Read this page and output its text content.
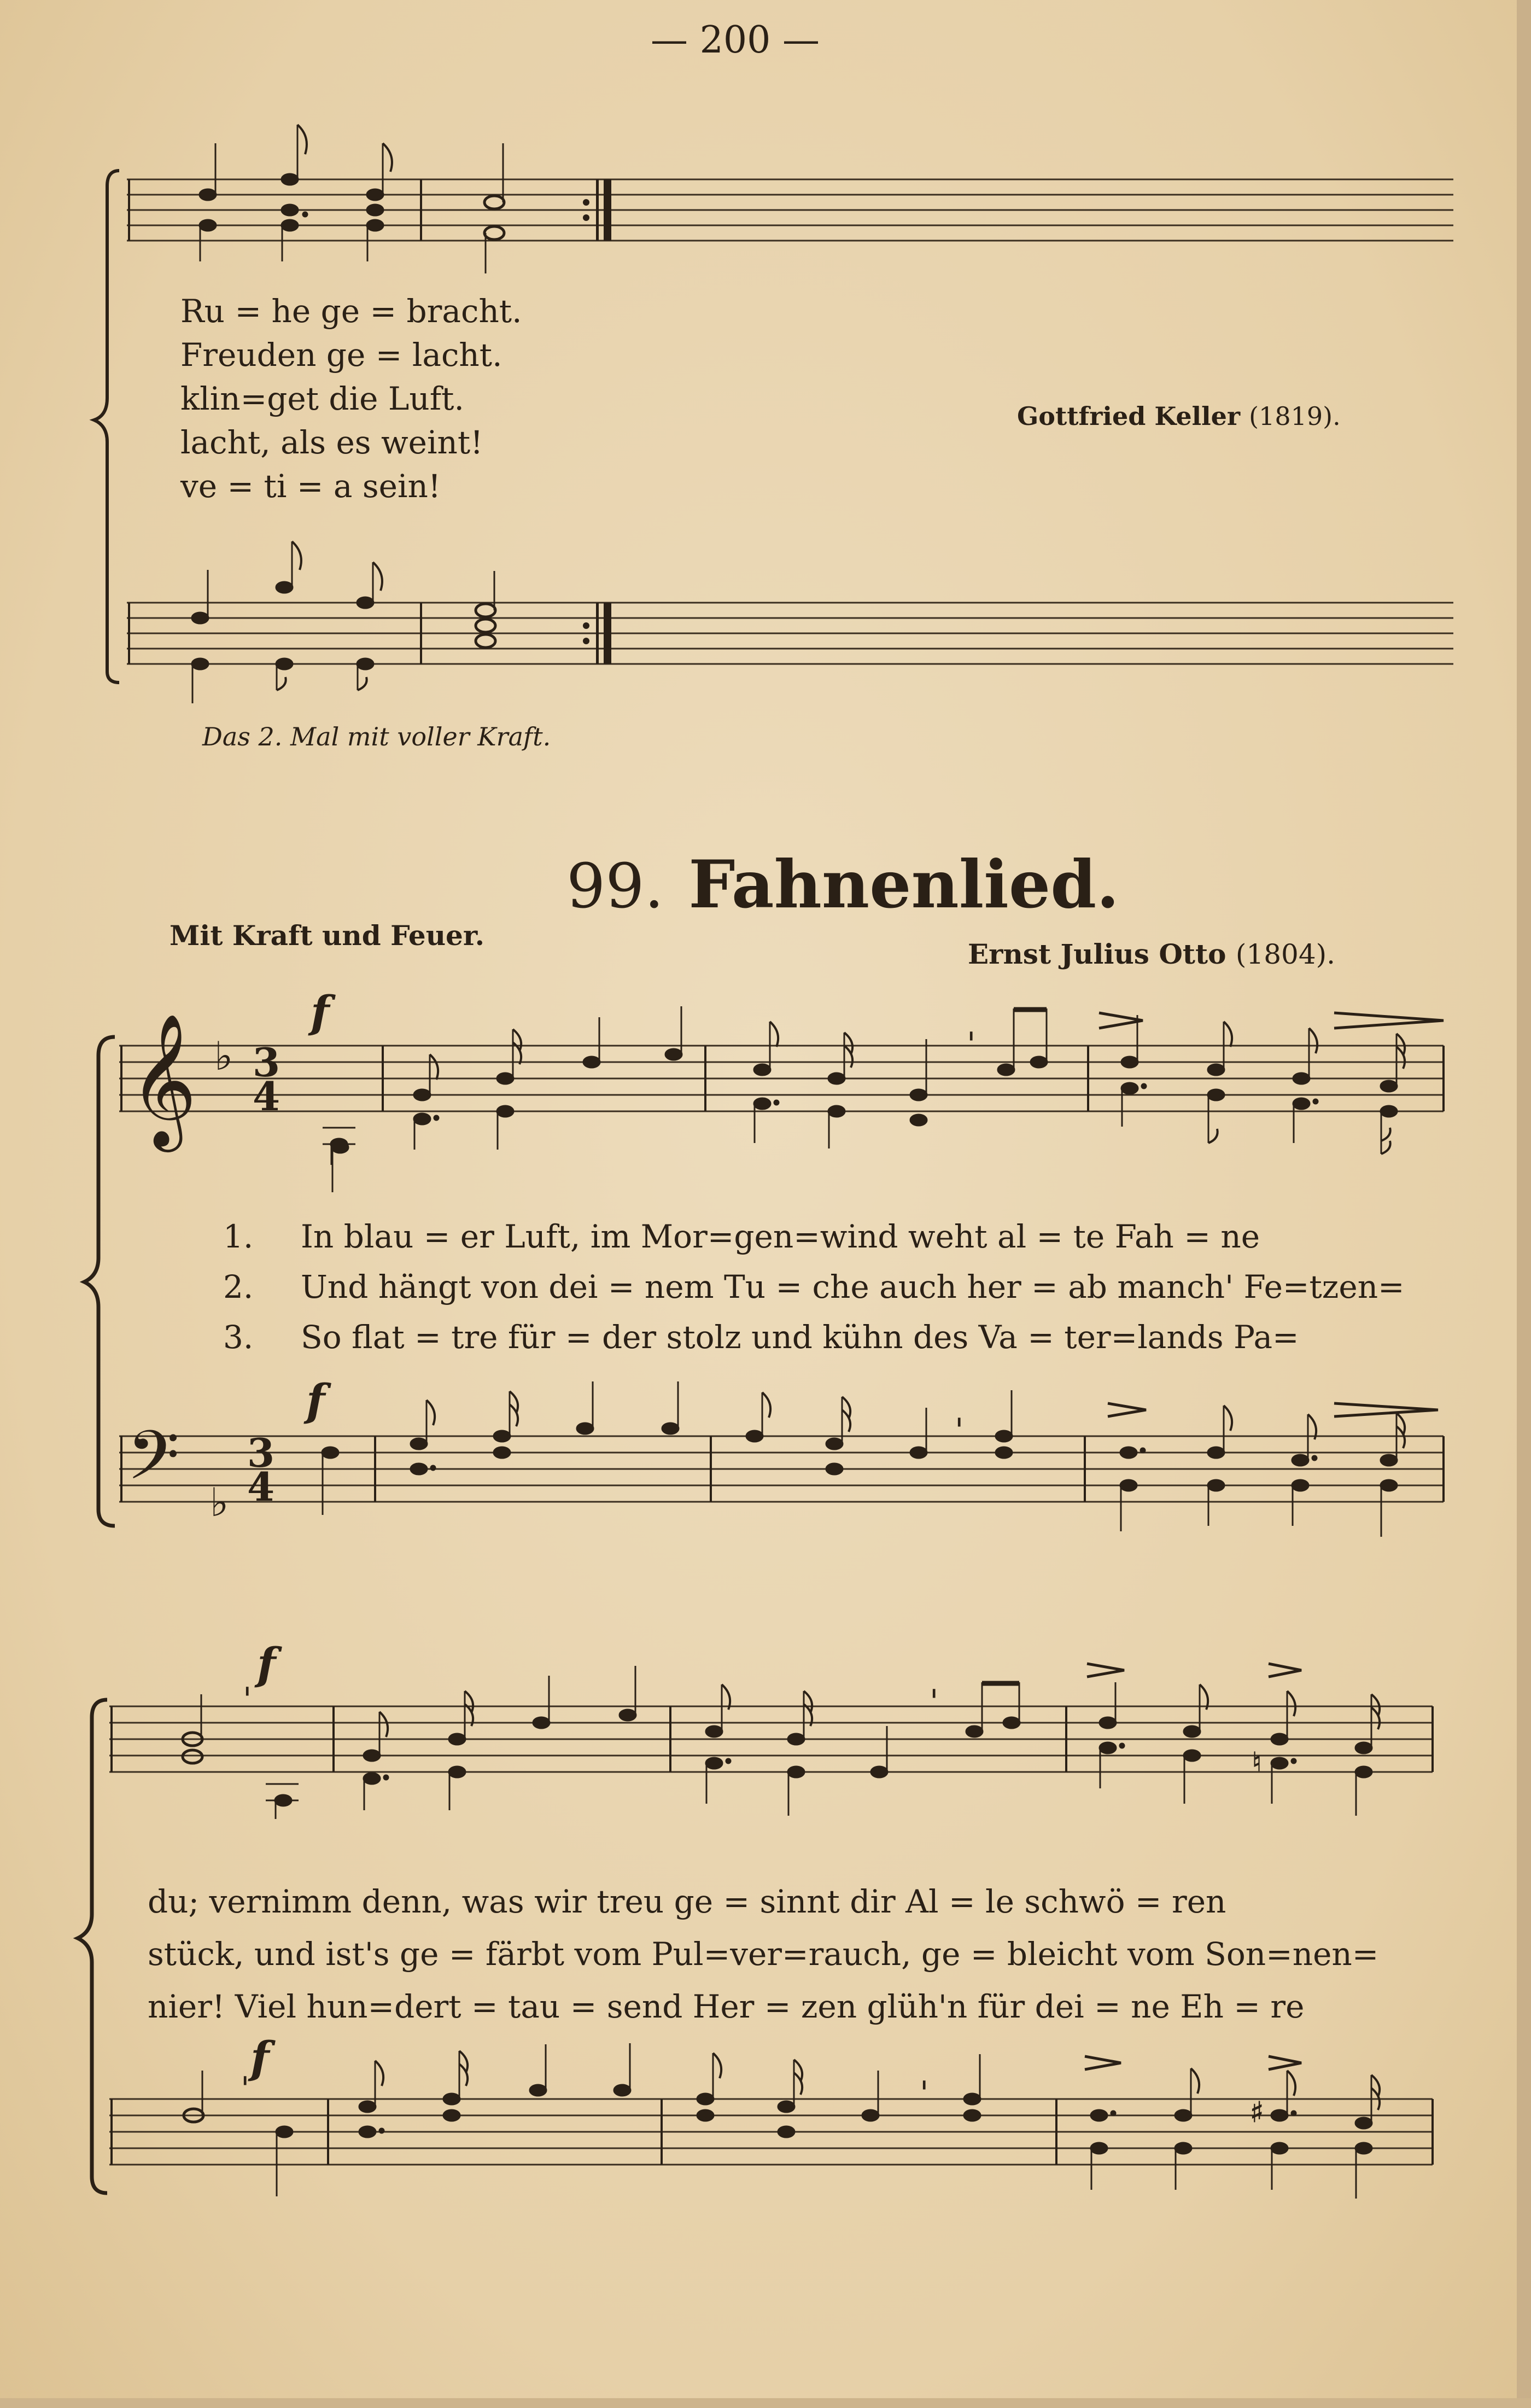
— 200 —
Ru = he ge = bracht.
Freuden ge = lacht.
klin=get die Luft.
lacht, als es weint!
ve = ti = a sein!
Gottfried Keller (1819).
Das 2. Mal mit voller Kraft.
99. Fahnenlied.
Mit Kraft und Feuer.
Ernst Julius Otto (1804).
f
𝄞 ♭ 3
4
'
f
𝄢 ♭
3
4
'
1.
2.
3.
In blau = er Luft, im Mor=gen=wind weht al = te Fah = ne
Und hängt von dei = nem Tu = che auch her = ab manch' Fe=tzen=
So flat = tre für = der stolz und kühn des Va = ter=lands Pa=
f
♮
'	'
f
♯
'	'
du; vernimm denn, was wir treu ge = sinnt dir Al = le schwö = ren
stück, und ist's ge = färbt vom Pul=ver=rauch, ge = bleicht vom Son=nen=
nier! Viel hun=dert = tau = send Her = zen glüh'n für dei = ne Eh = re
